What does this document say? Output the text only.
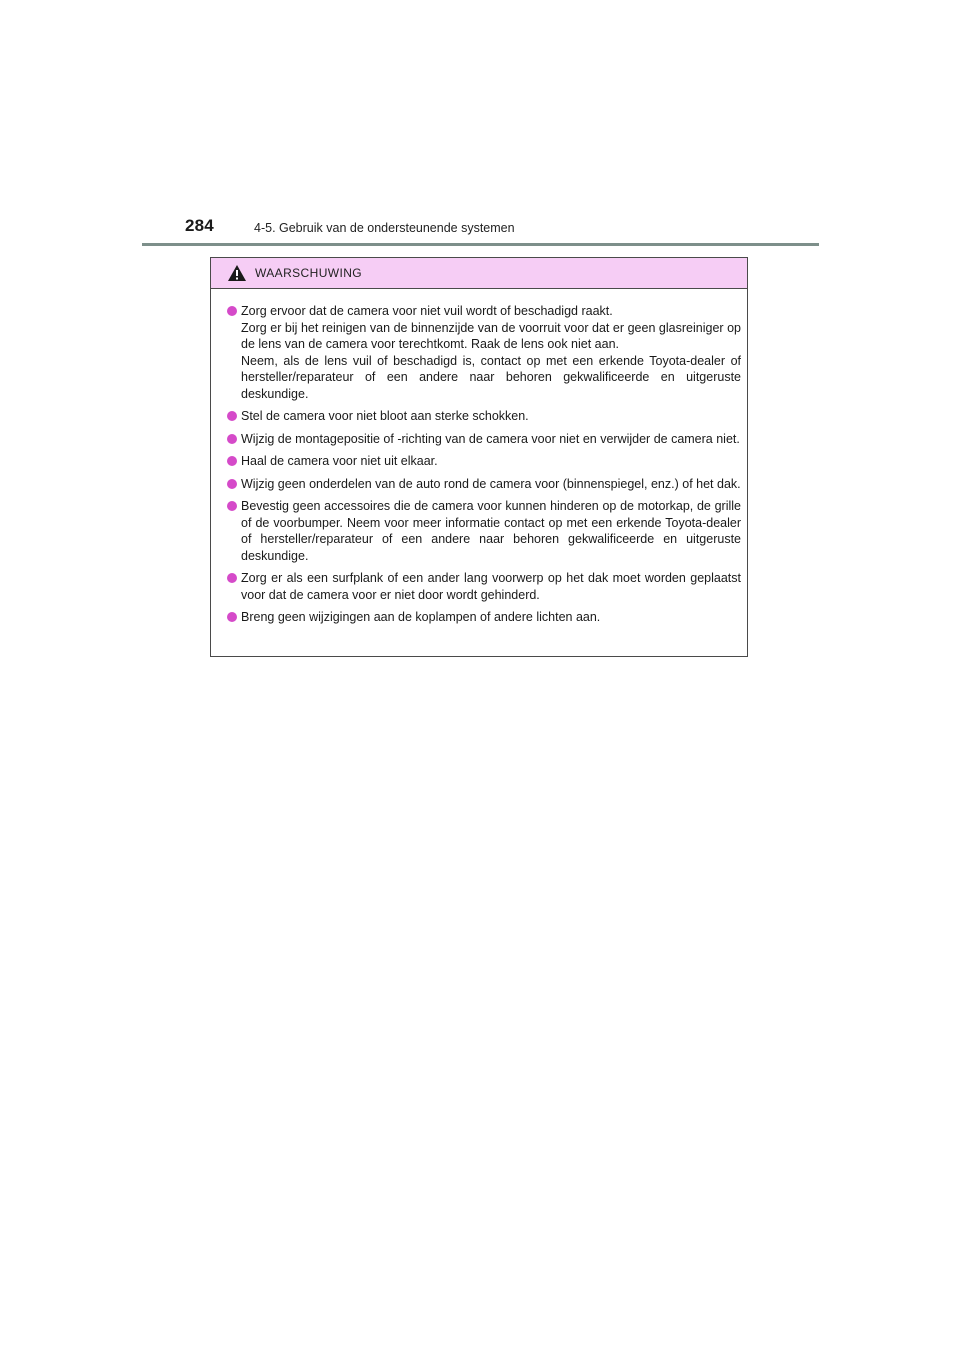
284	4-5. Gebruik van de ondersteunende systemen
WAARSCHUWING
Zorg ervoor dat de camera voor niet vuil wordt of beschadigd raakt.
Zorg er bij het reinigen van de binnenzijde van de voorruit voor dat er geen glasreiniger op de lens van de camera voor terechtkomt. Raak de lens ook niet aan.
Neem, als de lens vuil of beschadigd is, contact op met een erkende Toyota-dealer of hersteller/reparateur of een andere naar behoren gekwalificeerde en uitgeruste deskundige.
Stel de camera voor niet bloot aan sterke schokken.
Wijzig de montagepositie of -richting van de camera voor niet en verwijder de camera niet.
Haal de camera voor niet uit elkaar.
Wijzig geen onderdelen van de auto rond de camera voor (binnenspiegel, enz.) of het dak.
Bevestig geen accessoires die de camera voor kunnen hinderen op de motorkap, de grille of de voorbumper. Neem voor meer informatie contact op met een erkende Toyota-dealer of hersteller/reparateur of een andere naar behoren gekwalificeerde en uitgeruste deskundige.
Zorg er als een surfplank of een ander lang voorwerp op het dak moet worden geplaatst voor dat de camera voor er niet door wordt gehinderd.
Breng geen wijzigingen aan de koplampen of andere lichten aan.
